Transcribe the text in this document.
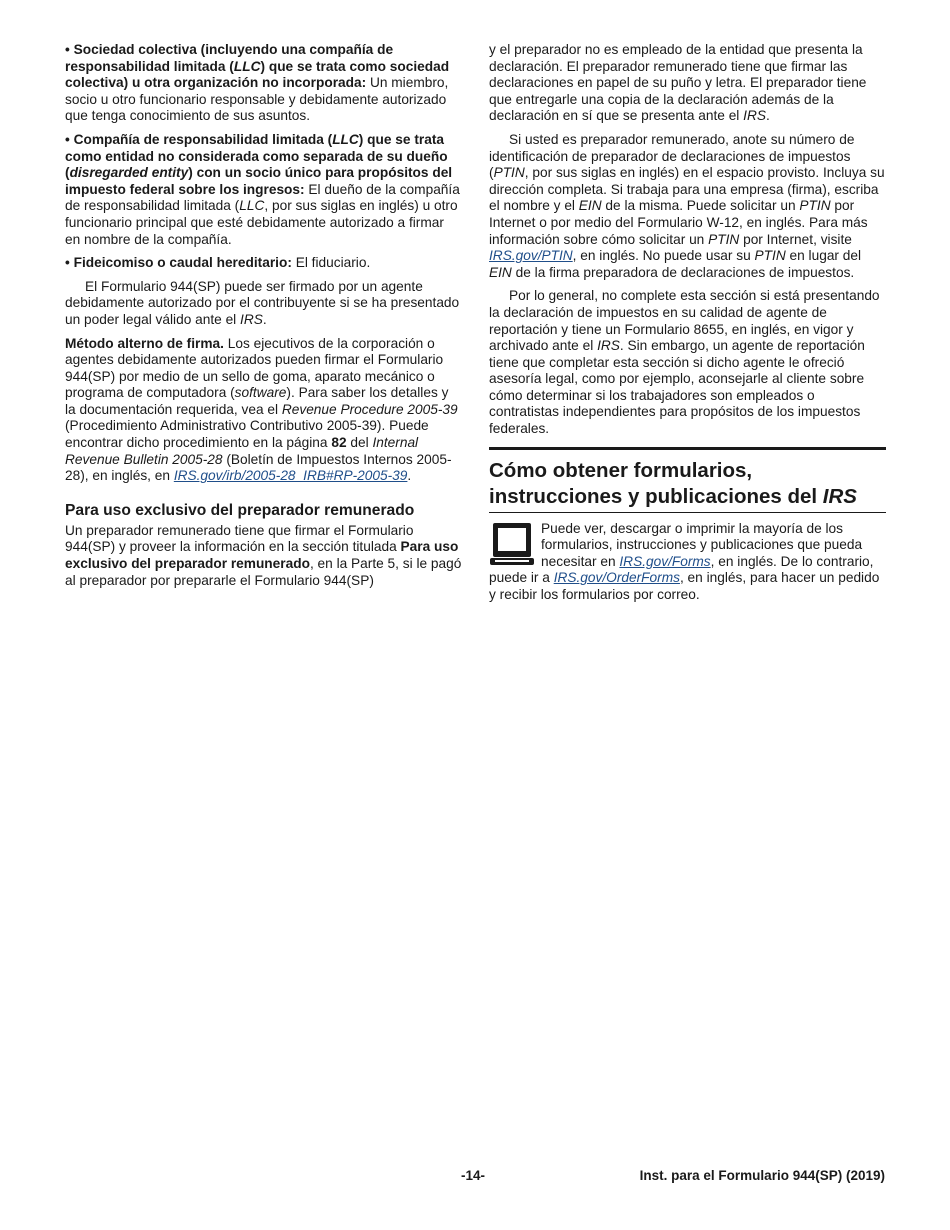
• Sociedad colectiva (incluyendo una compañía de responsabilidad limitada (LLC) que se trata como sociedad colectiva) u otra organización no incorporada: Un miembro, socio u otro funcionario responsable y debidamente autorizado que tenga conocimiento de sus asuntos.

• Compañía de responsabilidad limitada (LLC) que se trata como entidad no considerada como separada de su dueño (disregarded entity) con un socio único para propósitos del impuesto federal sobre los ingresos: El dueño de la compañía de responsabilidad limitada (LLC, por sus siglas en inglés) u otro funcionario principal que esté debidamente autorizado a firmar en nombre de la compañía.

• Fideicomiso o caudal hereditario: El fiduciario.

El Formulario 944(SP) puede ser firmado por un agente debidamente autorizado por el contribuyente si se ha presentado un poder legal válido ante el IRS.

Método alterno de firma. Los ejecutivos de la corporación o agentes debidamente autorizados pueden firmar el Formulario 944(SP) por medio de un sello de goma, aparato mecánico o programa de computadora (software). Para saber los detalles y la documentación requerida, vea el Revenue Procedure 2005-39 (Procedimiento Administrativo Contributivo 2005-39). Puede encontrar dicho procedimiento en la página 82 del Internal Revenue Bulletin 2005-28 (Boletín de Impuestos Internos 2005-28), en inglés, en IRS.gov/irb/2005-28_IRB#RP-2005-39.

Para uso exclusivo del preparador remunerado

Un preparador remunerado tiene que firmar el Formulario 944(SP) y proveer la información en la sección titulada Para uso exclusivo del preparador remunerado, en la Parte 5, si le pagó al preparador por prepararle el Formulario 944(SP)

y el preparador no es empleado de la entidad que presenta la declaración. El preparador remunerado tiene que firmar las declaraciones en papel de su puño y letra. El preparador tiene que entregarle una copia de la declaración además de la declaración en sí que se presenta ante el IRS.

Si usted es preparador remunerado, anote su número de identificación de preparador de declaraciones de impuestos (PTIN, por sus siglas en inglés) en el espacio provisto. Incluya su dirección completa. Si trabaja para una empresa (firma), escriba el nombre y el EIN de la misma. Puede solicitar un PTIN por Internet o por medio del Formulario W-12, en inglés. Para más información sobre cómo solicitar un PTIN por Internet, visite IRS.gov/PTIN, en inglés. No puede usar su PTIN en lugar del EIN de la firma preparadora de declaraciones de impuestos.

Por lo general, no complete esta sección si está presentando la declaración de impuestos en su calidad de agente de reportación y tiene un Formulario 8655, en inglés, en vigor y archivado ante el IRS. Sin embargo, un agente de reportación tiene que completar esta sección si dicho agente le ofreció asesoría legal, como por ejemplo, aconsejarle al cliente sobre cómo determinar si los trabajadores son empleados o contratistas independientes para propósitos de los impuestos federales.

Cómo obtener formularios, instrucciones y publicaciones del IRS

Puede ver, descargar o imprimir la mayoría de los formularios, instrucciones y publicaciones que pueda necesitar en IRS.gov/Forms, en inglés. De lo contrario, puede ir a IRS.gov/OrderForms, en inglés, para hacer un pedido y recibir los formularios por correo.

-14-	Inst. para el Formulario 944(SP) (2019)
